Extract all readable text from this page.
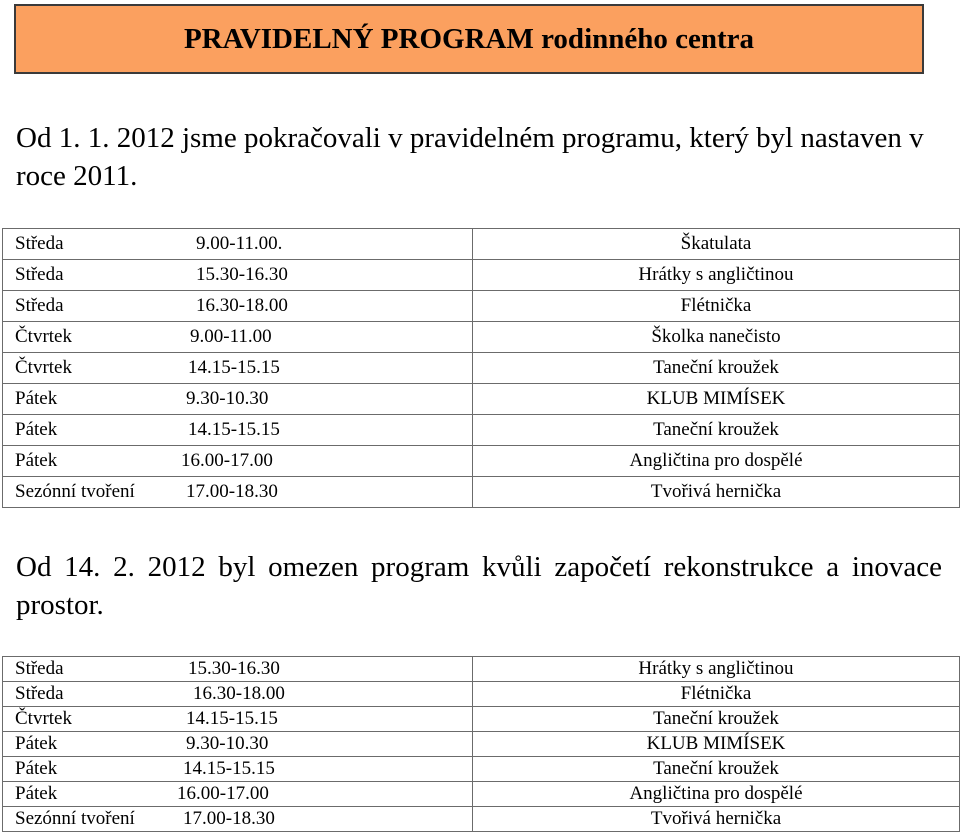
PRAVIDELNÝ PROGRAM rodinného centra
Od 1. 1. 2012 jsme pokračovali v pravidelném programu, který byl nastaven v roce 2011.
Středa 9.00-11.00.	Škatulata
Středa 15.30-16.30	Hrátky s angličtinou
Středa 16.30-18.00	Flétnička
Čtvrtek 9.00-11.00	Školka nanečisto
Čtvrtek 14.15-15.15	Taneční kroužek
Pátek 9.30-10.30	KLUB MIMÍSEK
Pátek 14.15-15.15	Taneční kroužek
Pátek 16.00-17.00	Angličtina pro dospělé
Sezónní tvoření 17.00-18.30	Tvořivá hernička
Od 14. 2. 2012 byl omezen program kvůli započetí rekonstrukce a inovace prostor.
Středa 15.30-16.30	Hrátky s angličtinou
Středa 16.30-18.00	Flétnička
Čtvrtek 14.15-15.15	Taneční kroužek
Pátek 9.30-10.30	KLUB MIMÍSEK
Pátek 14.15-15.15	Taneční kroužek
Pátek 16.00-17.00	Angličtina pro dospělé
Sezónní tvoření 17.00-18.30	Tvořivá hernička
